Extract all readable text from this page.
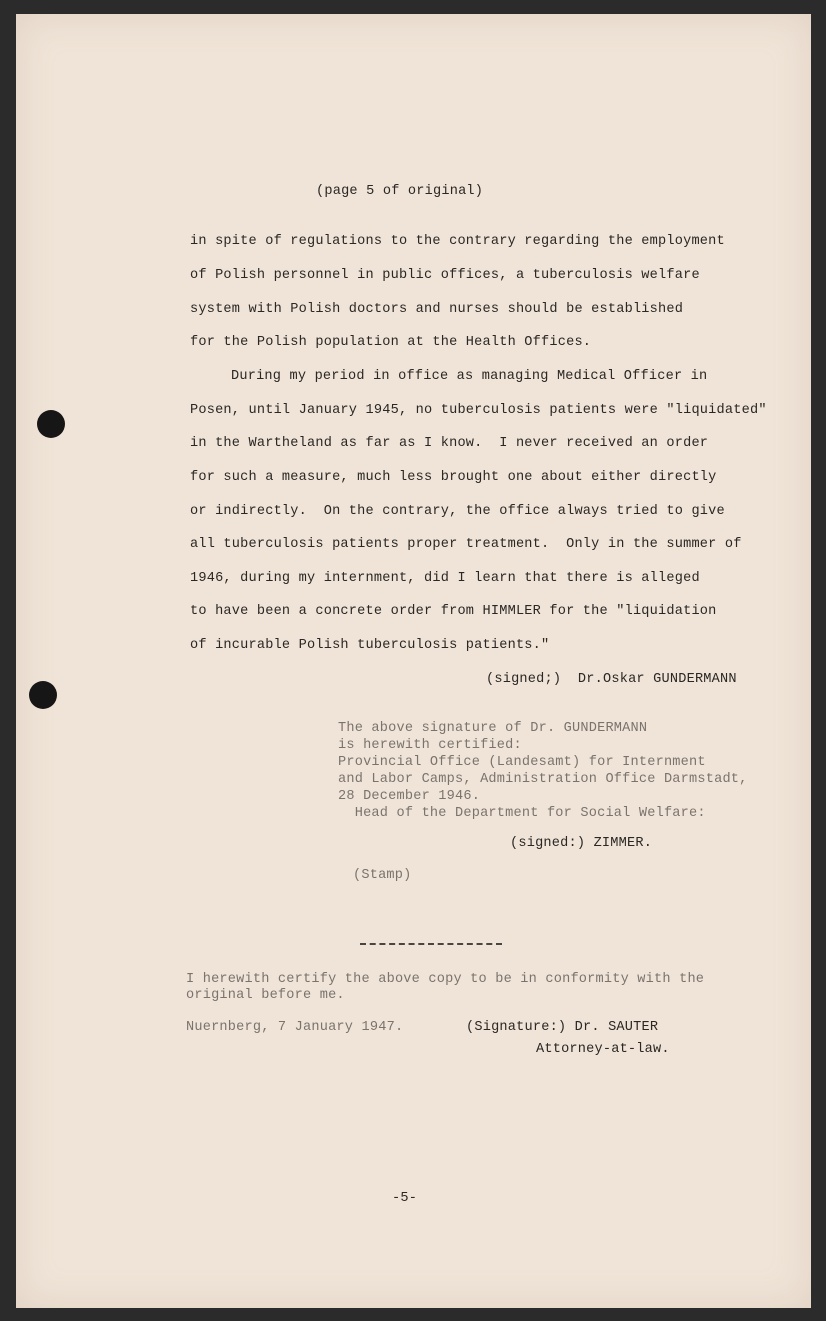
(page 5 of original)
in spite of regulations to the contrary regarding the employment
of Polish personnel in public offices, a tuberculosis welfare
system with Polish doctors and nurses should be established
for the Polish population at the Health Offices.
During my period in office as managing Medical Officer in
Posen, until January 1945, no tuberculosis patients were "liquidated"
in the Wartheland as far as I know.  I never received an order
for such a measure, much less brought one about either directly
or indirectly.  On the contrary, the office always tried to give
all tuberculosis patients proper treatment.  Only in the summer of
1946, during my internment, did I learn that there is alleged
to have been a concrete order from HIMMLER for the "liquidation
of incurable Polish tuberculosis patients."
(signed;)  Dr.Oskar GUNDERMANN
The above signature of Dr. GUNDERMANN
is herewith certified:
Provincial Office (Landesamt) for Internment
and Labor Camps, Administration Office Darmstadt,
28 December 1946.
Head of the Department for Social Welfare:
(signed:) ZIMMER.
(Stamp)
I herewith certify the above copy to be in conformity with the
original before me.
Nuernberg, 7 January 1947.	(Signature:) Dr. SAUTER
Attorney-at-law.
-5-
